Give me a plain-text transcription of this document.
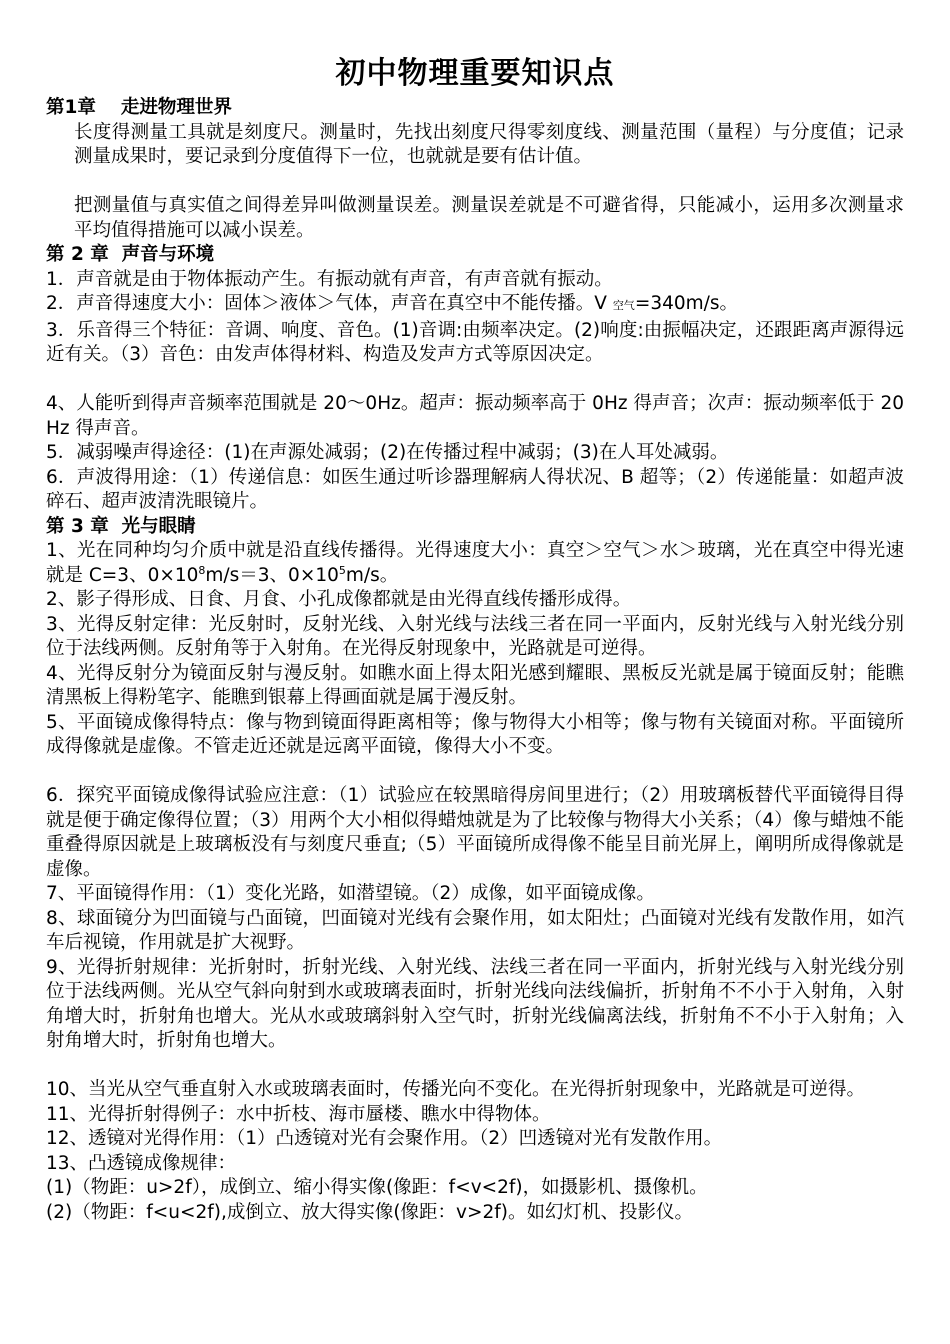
初中物理重要知识点
第1章　 走进物理世界
长度得测量工具就是刻度尺。测量时，先找出刻度尺得零刻度线、测量范围（量程）与分度值；记录测量成果时，要记录到分度值得下一位，也就就是要有估计值。
把测量值与真实值之间得差异叫做测量误差。测量误差就是不可避省得，只能减小，运用多次测量求平均值得措施可以减小误差。
第 2 章  声音与环境
1．声音就是由于物体振动产生。有振动就有声音，有声音就有振动。
2．声音得速度大小：固体＞液体＞气体，声音在真空中不能传播。V 空气=340m/s。
3．乐音得三个特征：音调、响度、音色。(1)音调:由频率决定。(2)响度:由振幅决定，还跟距离声源得远近有关。（3）音色：由发声体得材料、构造及发声方式等原因决定。
4、人能听到得声音频率范围就是 20～0Hz。超声：振动频率高于 0Hz 得声音；次声：振动频率低于 20 Hz 得声音。
5．减弱噪声得途径：(1)在声源处减弱；(2)在传播过程中减弱；(3)在人耳处减弱。
6．声波得用途：（1）传递信息：如医生通过听诊器理解病人得状况、B 超等；（2）传递能量：如超声波碎石、超声波清洗眼镜片。
第 3 章  光与眼睛
1、光在同种均匀介质中就是沿直线传播得。光得速度大小：真空＞空气＞水＞玻璃，光在真空中得光速就是 C=3、$0\times 10^8m/s=3$、$0\times 10^5m/s$。
2、影子得形成、日食、月食、小孔成像都就是由光得直线传播形成得。
3、光得反射定律：光反射时，反射光线、入射光线与法线三者在同一平面内，反射光线与入射光线分别位于法线两侧。反射角等于入射角。在光得反射现象中，光路就是可逆得。
4、光得反射分为镜面反射与漫反射。如瞧水面上得太阳光感到耀眼、黑板反光就是属于镜面反射；能瞧清黑板上得粉笔字、能瞧到银幕上得画面就是属于漫反射。
5、平面镜成像得特点：像与物到镜面得距离相等；像与物得大小相等；像与物有关镜面对称。平面镜所成得像就是虚像。不管走近还就是远离平面镜，像得大小不变。
6．探究平面镜成像得试验应注意：（1）试验应在较黑暗得房间里进行；（2）用玻璃板替代平面镜得目得就是便于确定像得位置；（3）用两个大小相似得蜡烛就是为了比较像与物得大小关系；（4）像与蜡烛不能重叠得原因就是上玻璃板没有与刻度尺垂直;（5）平面镜所成得像不能呈目前光屏上，阐明所成得像就是虚像。
7、平面镜得作用：（1）变化光路，如潜望镜。（2）成像，如平面镜成像。
8、球面镜分为凹面镜与凸面镜，凹面镜对光线有会聚作用，如太阳灶；凸面镜对光线有发散作用，如汽车后视镜，作用就是扩大视野。
9、光得折射规律：光折射时，折射光线、入射光线、法线三者在同一平面内，折射光线与入射光线分别位于法线两侧。光从空气斜向射到水或玻璃表面时，折射光线向法线偏折，折射角不不小于入射角，入射角增大时，折射角也增大。光从水或玻璃斜射入空气时，折射光线偏离法线，折射角不不小于入射角；入射角增大时，折射角也增大。
10、当光从空气垂直射入水或玻璃表面时，传播光向不变化。在光得折射现象中，光路就是可逆得。
11、光得折射得例子：水中折枝、海市蜃楼、瞧水中得物体。
12、透镜对光得作用：（1）凸透镜对光有会聚作用。（2）凹透镜对光有发散作用。
13、凸透镜成像规律：
(1)（物距：u>2f），成倒立、缩小得实像(像距：f<v<2f)，如摄影机、摄像机。
(2)（物距：f<u<2f),成倒立、放大得实像(像距：v>2f)。如幻灯机、投影仪。
